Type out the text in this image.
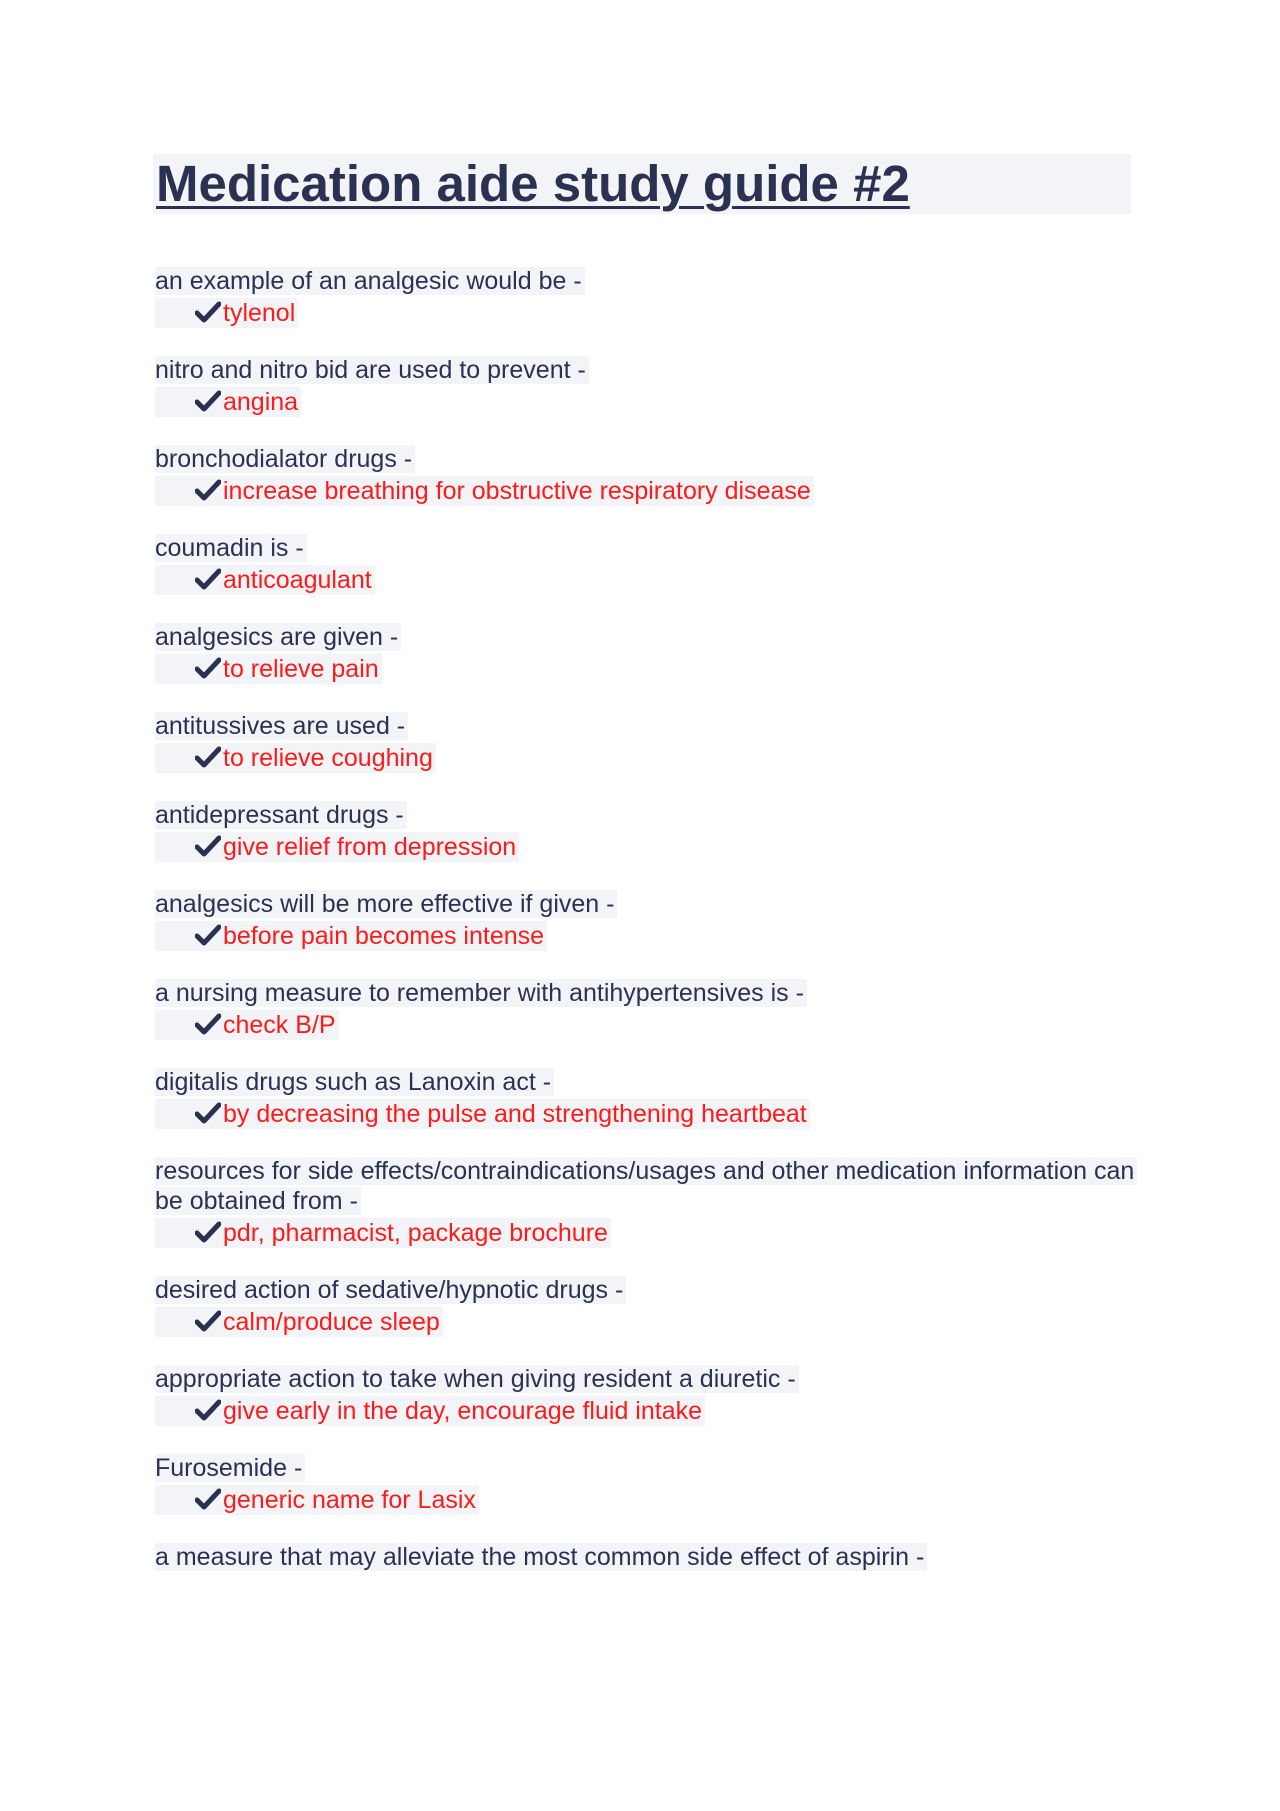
Medication aide study guide #2
an example of an analgesic would be -
tylenol
nitro and nitro bid are used to prevent -
angina
bronchodialator drugs -
increase breathing for obstructive respiratory disease
coumadin is -
anticoagulant
analgesics are given -
to relieve pain
antitussives are used -
to relieve coughing
antidepressant drugs -
give relief from depression
analgesics will be more effective if given -
before pain becomes intense
a nursing measure to remember with antihypertensives is -
check B/P
digitalis drugs such as Lanoxin act -
by decreasing the pulse and strengthening heartbeat
resources for side effects/contraindications/usages and other medication information can be obtained from -
pdr, pharmacist, package brochure
desired action of sedative/hypnotic drugs -
calm/produce sleep
appropriate action to take when giving resident a diuretic -
give early in the day, encourage fluid intake
Furosemide -
generic name for Lasix
a measure that may alleviate the most common side effect of aspirin -
